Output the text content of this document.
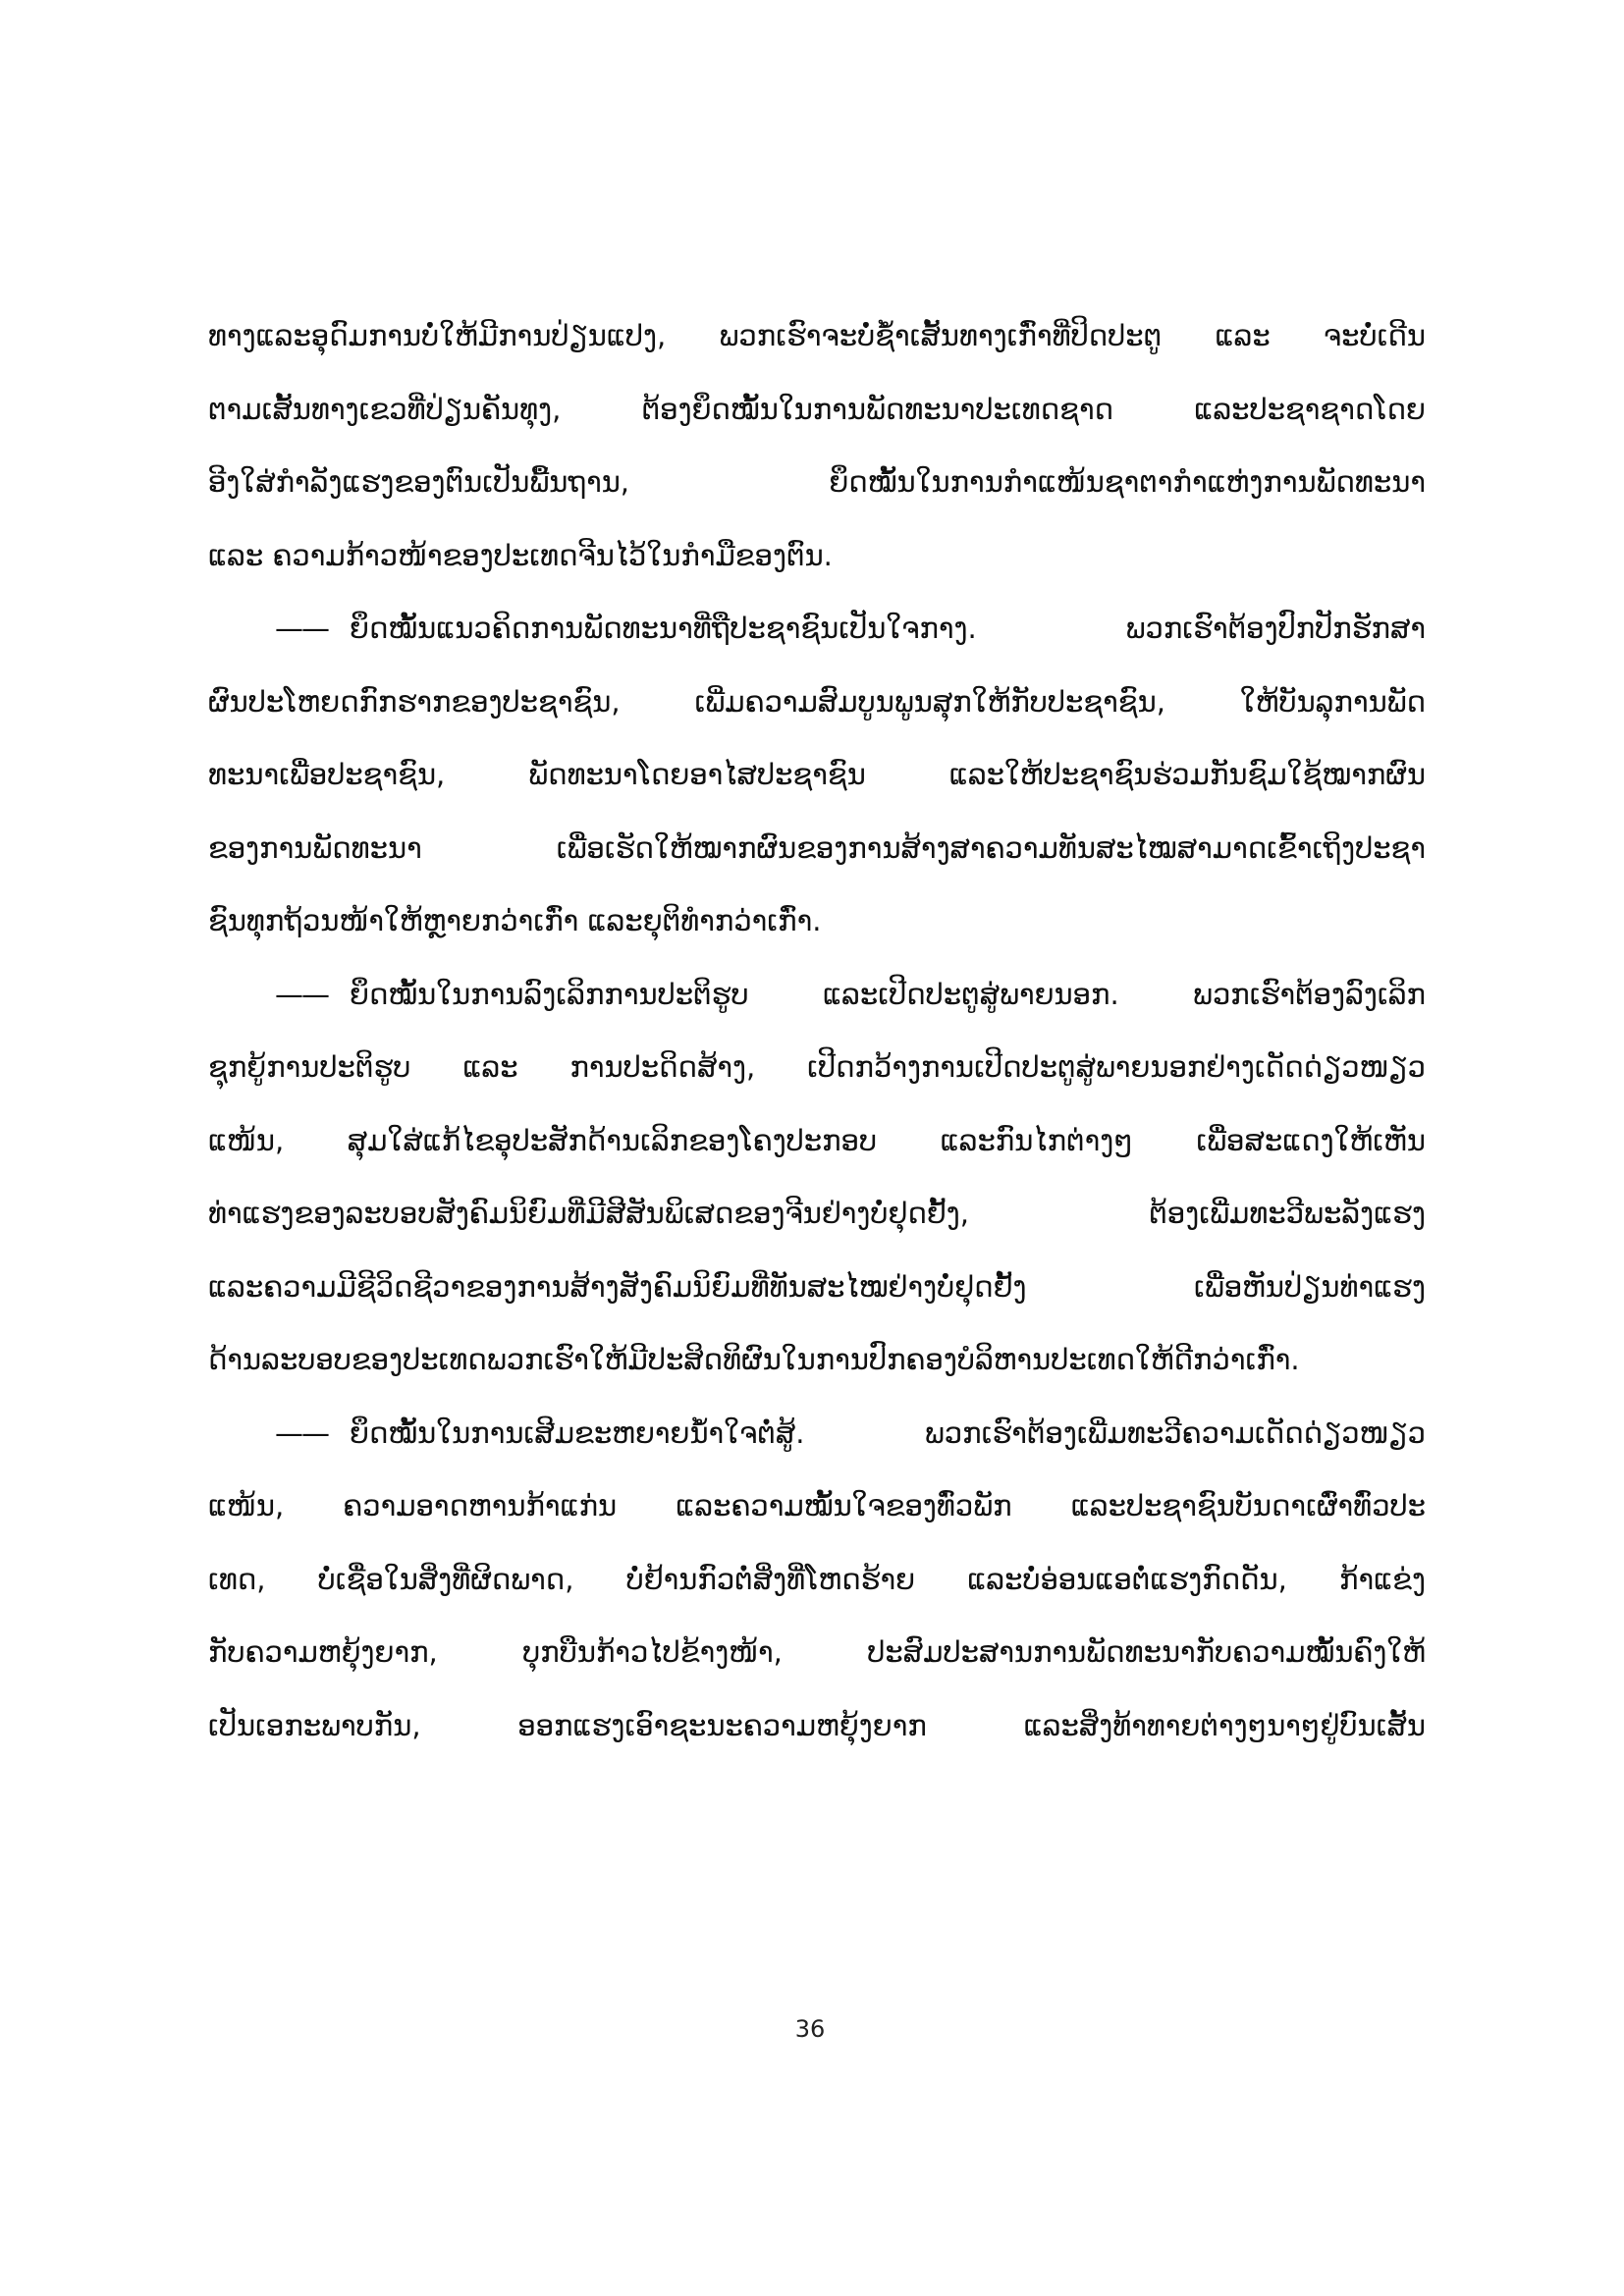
ທາງແລະອຸດົມການບໍ່ໃຫ້ມີການປ່ຽນແປງ, ພວກເຮົາຈະບໍ່ຊ້ຳເສັ້ນທາງເກົ່າທີ່ປິດປະຕູ ແລະ ຈະບໍ່ເດີນ
ຕາມເສັ້ນທາງເຂວທີ່ປ່ຽນຄັນທຸງ, ຕ້ອງຍຶດໝັ້ນໃນການພັດທະນາປະເທດຊາດ ແລະປະຊາຊາດໂດຍ
ອີງໃສ່ກຳລັງແຮງຂອງຕົນເປັນພື້ນຖານ, ຍຶດໝັ້ນໃນການກຳແໜ້ນຊາຕາກຳແຫ່ງການພັດທະນາ
ແລະ ຄວາມກ້າວໜ້າຂອງປະເທດຈີນໄວ້ໃນກຳມືຂອງຕົນ.
—— ຍຶດໝັ້ນແນວຄິດການພັດທະນາທີ່ຖືປະຊາຊົນເປັນໃຈກາງ. ພວກເຮົາຕ້ອງປົກປັກຮັກສາ
ຜົນປະໂຫຍດກົກຮາກຂອງປະຊາຊົນ, ເພີ່ມຄວາມສົມບູນພູນສຸກໃຫ້ກັບປະຊາຊົນ, ໃຫ້ບັນລຸການພັດ
ທະນາເພື່ອປະຊາຊົນ, ພັດທະນາໂດຍອາໄສປະຊາຊົນ ແລະໃຫ້ປະຊາຊົນຮ່ວມກັນຊົມໃຊ້ໝາກຜົນ
ຂອງການພັດທະນາ ເພື່ອເຮັດໃຫ້ໝາກຜົນຂອງການສ້າງສາຄວາມທັນສະໄໝສາມາດເຂົ້າເຖິງປະຊາ
ຊົນທຸກຖ້ວນໜ້າໃຫ້ຫຼາຍກວ່າເກົ່າ ແລະຍຸຕິທຳກວ່າເກົ່າ.
—— ຍຶດໝັ້ນໃນການລົງເລິກການປະຕິຮູບ ແລະເປີດປະຕູສູ່ພາຍນອກ. ພວກເຮົາຕ້ອງລົງເລິກ
ຊຸກຍູ້ການປະຕິຮູບ ແລະ ການປະດິດສ້າງ, ເປີດກວ້າງການເປີດປະຕູສູ່ພາຍນອກຢ່າງເດັດດ່ຽວໜຽວ
ແໜ້ນ, ສຸມໃສ່ແກ້ໄຂອຸປະສັກດ້ານເລິກຂອງໂຄງປະກອບ ແລະກົນໄກຕ່າງໆ ເພື່ອສະແດງໃຫ້ເຫັນ
ທ່າແຮງຂອງລະບອບສັງຄົມນິຍົມທີ່ມີສີສັນພິເສດຂອງຈີນຢ່າງບໍ່ຢຸດຢັ້ງ, ຕ້ອງເພີ່ມທະວີພະລັງແຮງ
ແລະຄວາມມີຊີວິດຊີວາຂອງການສ້າງສັງຄົມນິຍົມທີ່ທັນສະໄໝຢ່າງບໍ່ຢຸດຢັ້ງ ເພື່ອຫັນປ່ຽນທ່າແຮງ
ດ້ານລະບອບຂອງປະເທດພວກເຮົາໃຫ້ມີປະສິດທິຜົນໃນການປົກຄອງບໍລິຫານປະເທດໃຫ້ດີກວ່າເກົ່າ.
—— ຍຶດໝັ້ນໃນການເສີມຂະຫຍາຍນ້ຳໃຈຕໍ່ສູ້. ພວກເຮົາຕ້ອງເພີ່ມທະວີຄວາມເດັດດ່ຽວໜຽວ
ແໜ້ນ, ຄວາມອາດຫານກ້າແກ່ນ ແລະຄວາມໝັ້ນໃຈຂອງທົ່ວພັກ ແລະປະຊາຊົນບັນດາເຜົ່າທົ່ວປະ
ເທດ, ບໍ່ເຊື່ອໃນສິ່ງທີ່ຜິດພາດ, ບໍ່ຢ້ານກົວຕໍ່ສິ່ງທີ່ໂຫດຮ້າຍ ແລະບໍ່ອ່ອນແອຕໍ່ແຮງກົດດັນ, ກ້າແຂ່ງ
ກັບຄວາມຫຍຸ້ງຍາກ, ບຸກບືນກ້າວໄປຂ້າງໜ້າ, ປະສົມປະສານການພັດທະນາກັບຄວາມໝັ້ນຄົງໃຫ້
ເປັນເອກະພາບກັນ, ອອກແຮງເອົາຊະນະຄວາມຫຍຸ້ງຍາກ ແລະສິ່ງທ້າທາຍຕ່າງໆນາໆຢູ່ບົນເສັ້ນ
36
